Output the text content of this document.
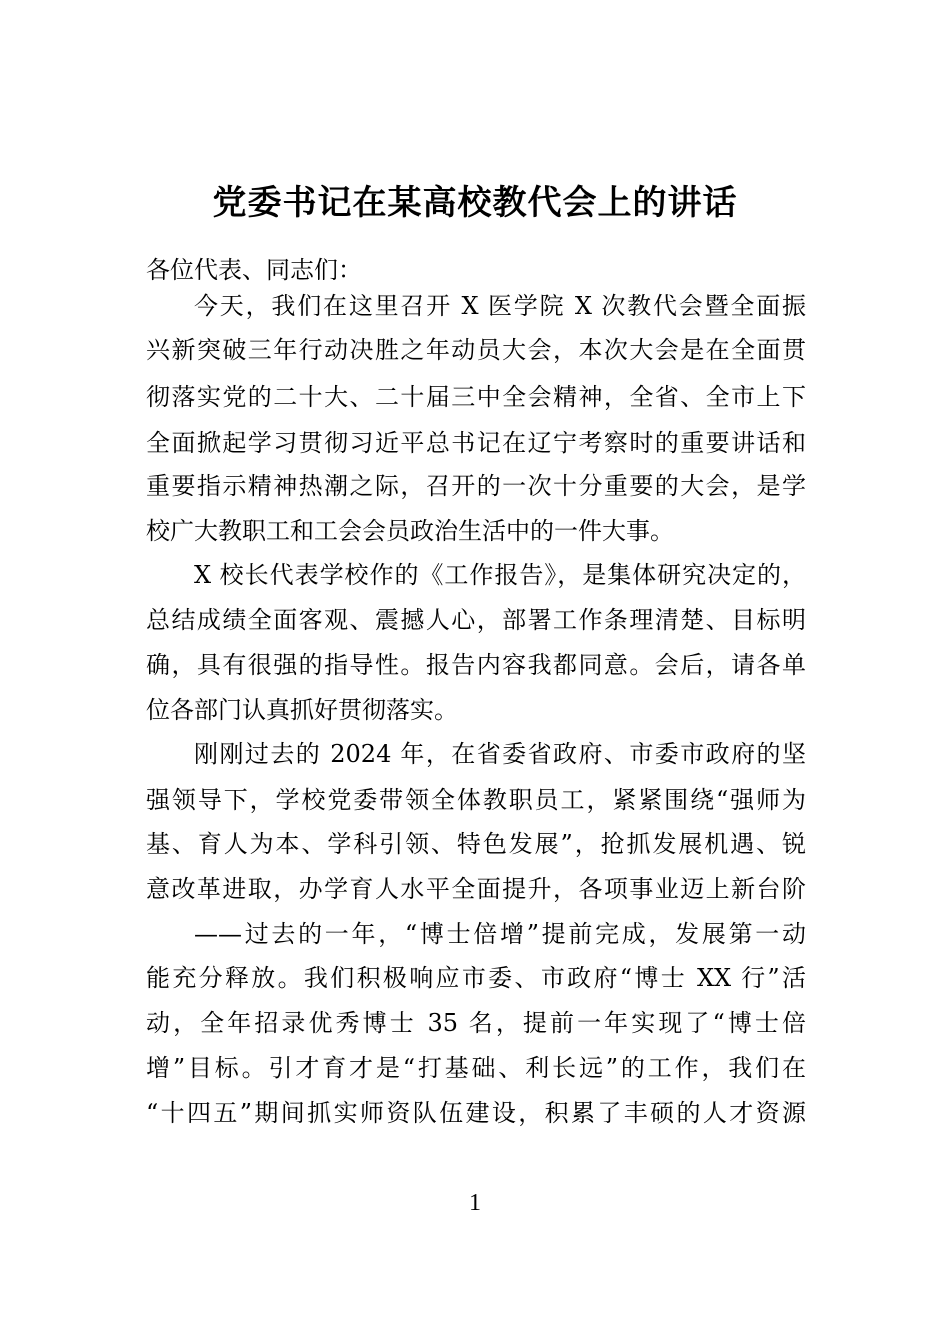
党委书记在某高校教代会上的讲话
各位代表、同志们：
今天，我们在这里召开 X 医学院 X 次教代会暨全面振
兴新突破三年行动决胜之年动员大会，本次大会是在全面贯
彻落实党的二十大、二十届三中全会精神，全省、全市上下
全面掀起学习贯彻习近平总书记在辽宁考察时的重要讲话和
重要指示精神热潮之际，召开的一次十分重要的大会，是学
校广大教职工和工会会员政治生活中的一件大事。
X 校长代表学校作的《工作报告》，是集体研究决定的，
总结成绩全面客观、震撼人心，部署工作条理清楚、目标明
确，具有很强的指导性。报告内容我都同意。会后，请各单
位各部门认真抓好贯彻落实。
刚刚过去的 2024 年，在省委省政府、市委市政府的坚
强领导下，学校党委带领全体教职员工，紧紧围绕“强师为
基、育人为本、学科引领、特色发展”，抢抓发展机遇、锐
意改革进取，办学育人水平全面提升，各项事业迈上新台阶
——过去的一年，“博士倍增”提前完成，发展第一动
能充分释放。我们积极响应市委、市政府“博士 XX 行”活
动，全年招录优秀博士 35 名，提前一年实现了“博士倍
增”目标。引才育才是“打基础、利长远”的工作，我们在
“十四五”期间抓实师资队伍建设，积累了丰硕的人才资源
1
